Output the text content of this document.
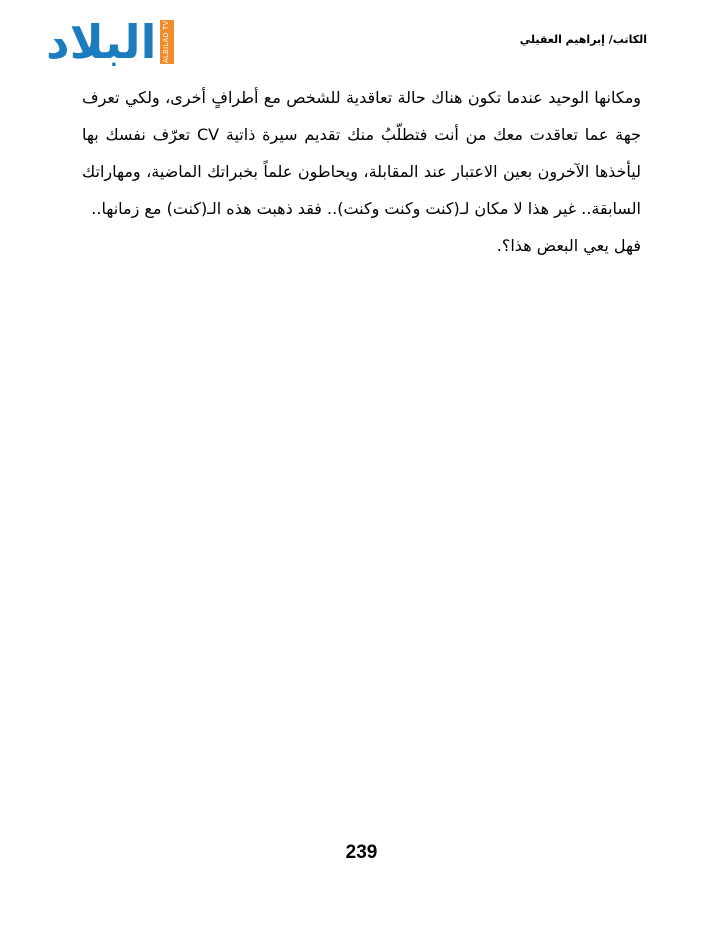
البلاد	ALBILAD TV	الكاتب/ إبراهيم العقيلي

ومكانها الوحيد عندما تكون هناك حالة تعاقدية للشخص مع أطرافٍ أخرى، ولكي تعرف جهة عما تعاقدت معك من أنت فتطلّبُ منك تقديم سيرة ذاتية CV تعرّف نفسك بها ليأخذها الآخرون بعين الاعتبار عند المقابلة، ويحاطون علماً بخبراتك الماضية، ومهاراتك السابقة.. غير هذا لا مكان لـ(كنت وكنت وكنت).. فقد ذهبت هذه الـ(كنت) مع زمانها..

فهل يعي البعض هذا؟.

239
